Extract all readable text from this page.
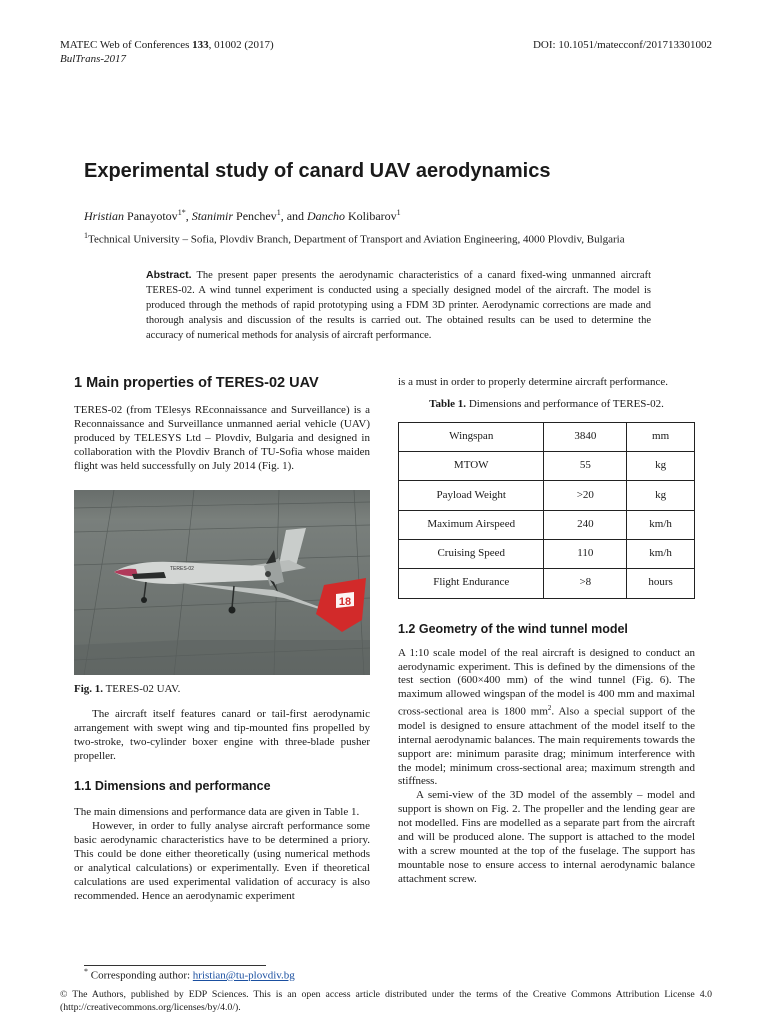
MATEC Web of Conferences 133, 01002 (2017)	DOI: 10.1051/matecconf/201713301002
BulTrans-2017
Experimental study of canard UAV aerodynamics
Hristian Panayotov$^{1*}$, Stanimir Penchev$^1$, and Dancho Kolibarov$^1$
$^1$Technical University – Sofia, Plovdiv Branch, Department of Transport and Aviation Engineering, 4000 Plovdiv, Bulgaria
Abstract. The present paper presents the aerodynamic characteristics of a canard fixed-wing unmanned aircraft TERES-02. A wind tunnel experiment is conducted using a specially designed model of the aircraft. The model is produced through the methods of rapid prototyping using a FDM 3D printer. Aerodynamic corrections are made and thorough analysis and discussion of the results is carried out. The obtained results can be used to determine the accuracy of numerical methods for analysis of aircraft performance.
1 Main properties of TERES-02 UAV

TERES-02 (from TElesys REconnaissance and Surveillance) is a Reconnaissance and Surveillance unmanned aerial vehicle (UAV) produced by TELESYS Ltd – Plovdiv, Bulgaria and designed in collaboration with the Plovdiv Branch of TU-Sofia whose maiden flight was held successfully on July 2014 (Fig. 1).

18
TERES-02
Fig. 1. TERES-02 UAV.

The aircraft itself features canard or tail-first aerodynamic arrangement with swept wing and tip-mounted fins propelled by two-stroke, two-cylinder boxer engine with three-blade pusher propeller.

1.1 Dimensions and performance

The main dimensions and performance data are given in Table 1.

However, in order to fully analyse aircraft performance some basic aerodynamic characteristics have to be determined a priory. This could be done either theoretically (using numerical methods or analytical calculations) or experimentally. Even if theoretical calculations are used experimental validation of accuracy is also recommended. Hence an aerodynamic experiment

is a must in order to properly determine aircraft performance.

Table 1. Dimensions and performance of TERES-02.
Wingspan	3840	mm
MTOW	55	kg
Payload Weight	>20	kg
Maximum Airspeed	240	km/h
Cruising Speed	110	km/h
Flight Endurance	>8	hours
1.2 Geometry of the wind tunnel model

A 1:10 scale model of the real aircraft is designed to conduct an aerodynamic experiment. This is defined by the dimensions of the test section (600×400 mm) of the wind tunnel (Fig. 6). The maximum allowed wingspan of the model is 400 mm and maximal cross-sectional area is 1800 $mm^2$. Also a special support of the model is designed to ensure attachment of the model itself to the internal aerodynamic balances. The main requirements towards the support are: minimum parasite drag; minimum interference with the model; minimum cross-sectional area; maximum strength and stiffness.

A semi-view of the 3D model of the assembly – model and support is shown on Fig. 2. The propeller and the lending gear are not modelled. Fins are modelled as a separate part from the aircraft and will be produced alone. The support is attached to the model with a screw mounted at the top of the fuselage. The support has mountable nose to ensure access to internal aerodynamic balance attachment screw.

* Corresponding author: hristian@tu-plovdiv.bg
© The Authors, published by EDP Sciences. This is an open access article distributed under the terms of the Creative Commons Attribution License 4.0 (http://creativecommons.org/licenses/by/4.0/).
